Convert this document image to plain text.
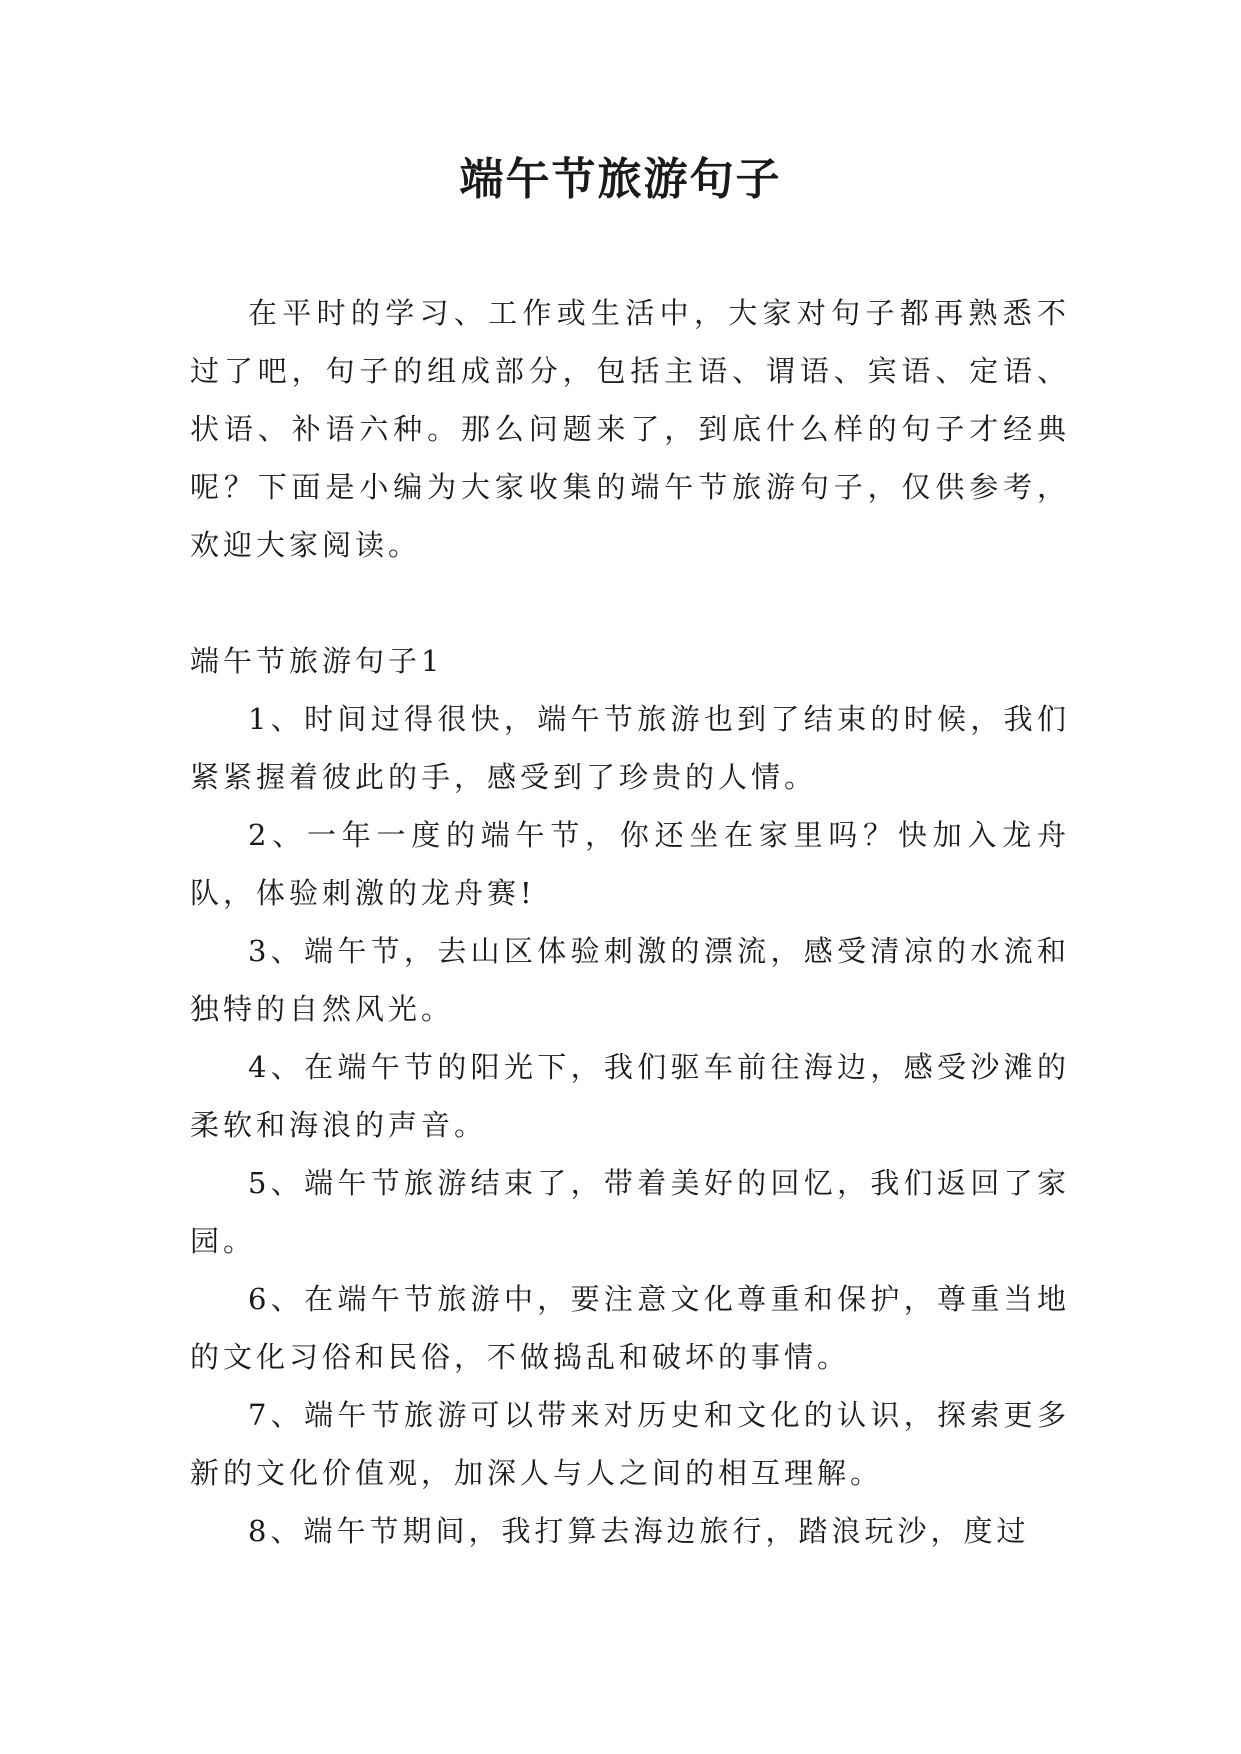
端午节旅游句子

在平时的学习、工作或生活中，大家对句子都再熟悉不过了吧，句子的组成部分，包括主语、谓语、宾语、定语、状语、补语六种。那么问题来了，到底什么样的句子才经典呢？下面是小编为大家收集的端午节旅游句子，仅供参考，欢迎大家阅读。

端午节旅游句子1

1、时间过得很快，端午节旅游也到了结束的时候，我们紧紧握着彼此的手，感受到了珍贵的人情。

2、一年一度的端午节，你还坐在家里吗？快加入龙舟队，体验刺激的龙舟赛!

3、端午节，去山区体验刺激的漂流，感受清凉的水流和独特的自然风光。

4、在端午节的阳光下，我们驱车前往海边，感受沙滩的柔软和海浪的声音。

5、端午节旅游结束了，带着美好的回忆，我们返回了家园。

6、在端午节旅游中，要注意文化尊重和保护，尊重当地的文化习俗和民俗，不做捣乱和破坏的事情。

7、端午节旅游可以带来对历史和文化的认识，探索更多新的文化价值观，加深人与人之间的相互理解。

8、端午节期间，我打算去海边旅行，踏浪玩沙，度过
